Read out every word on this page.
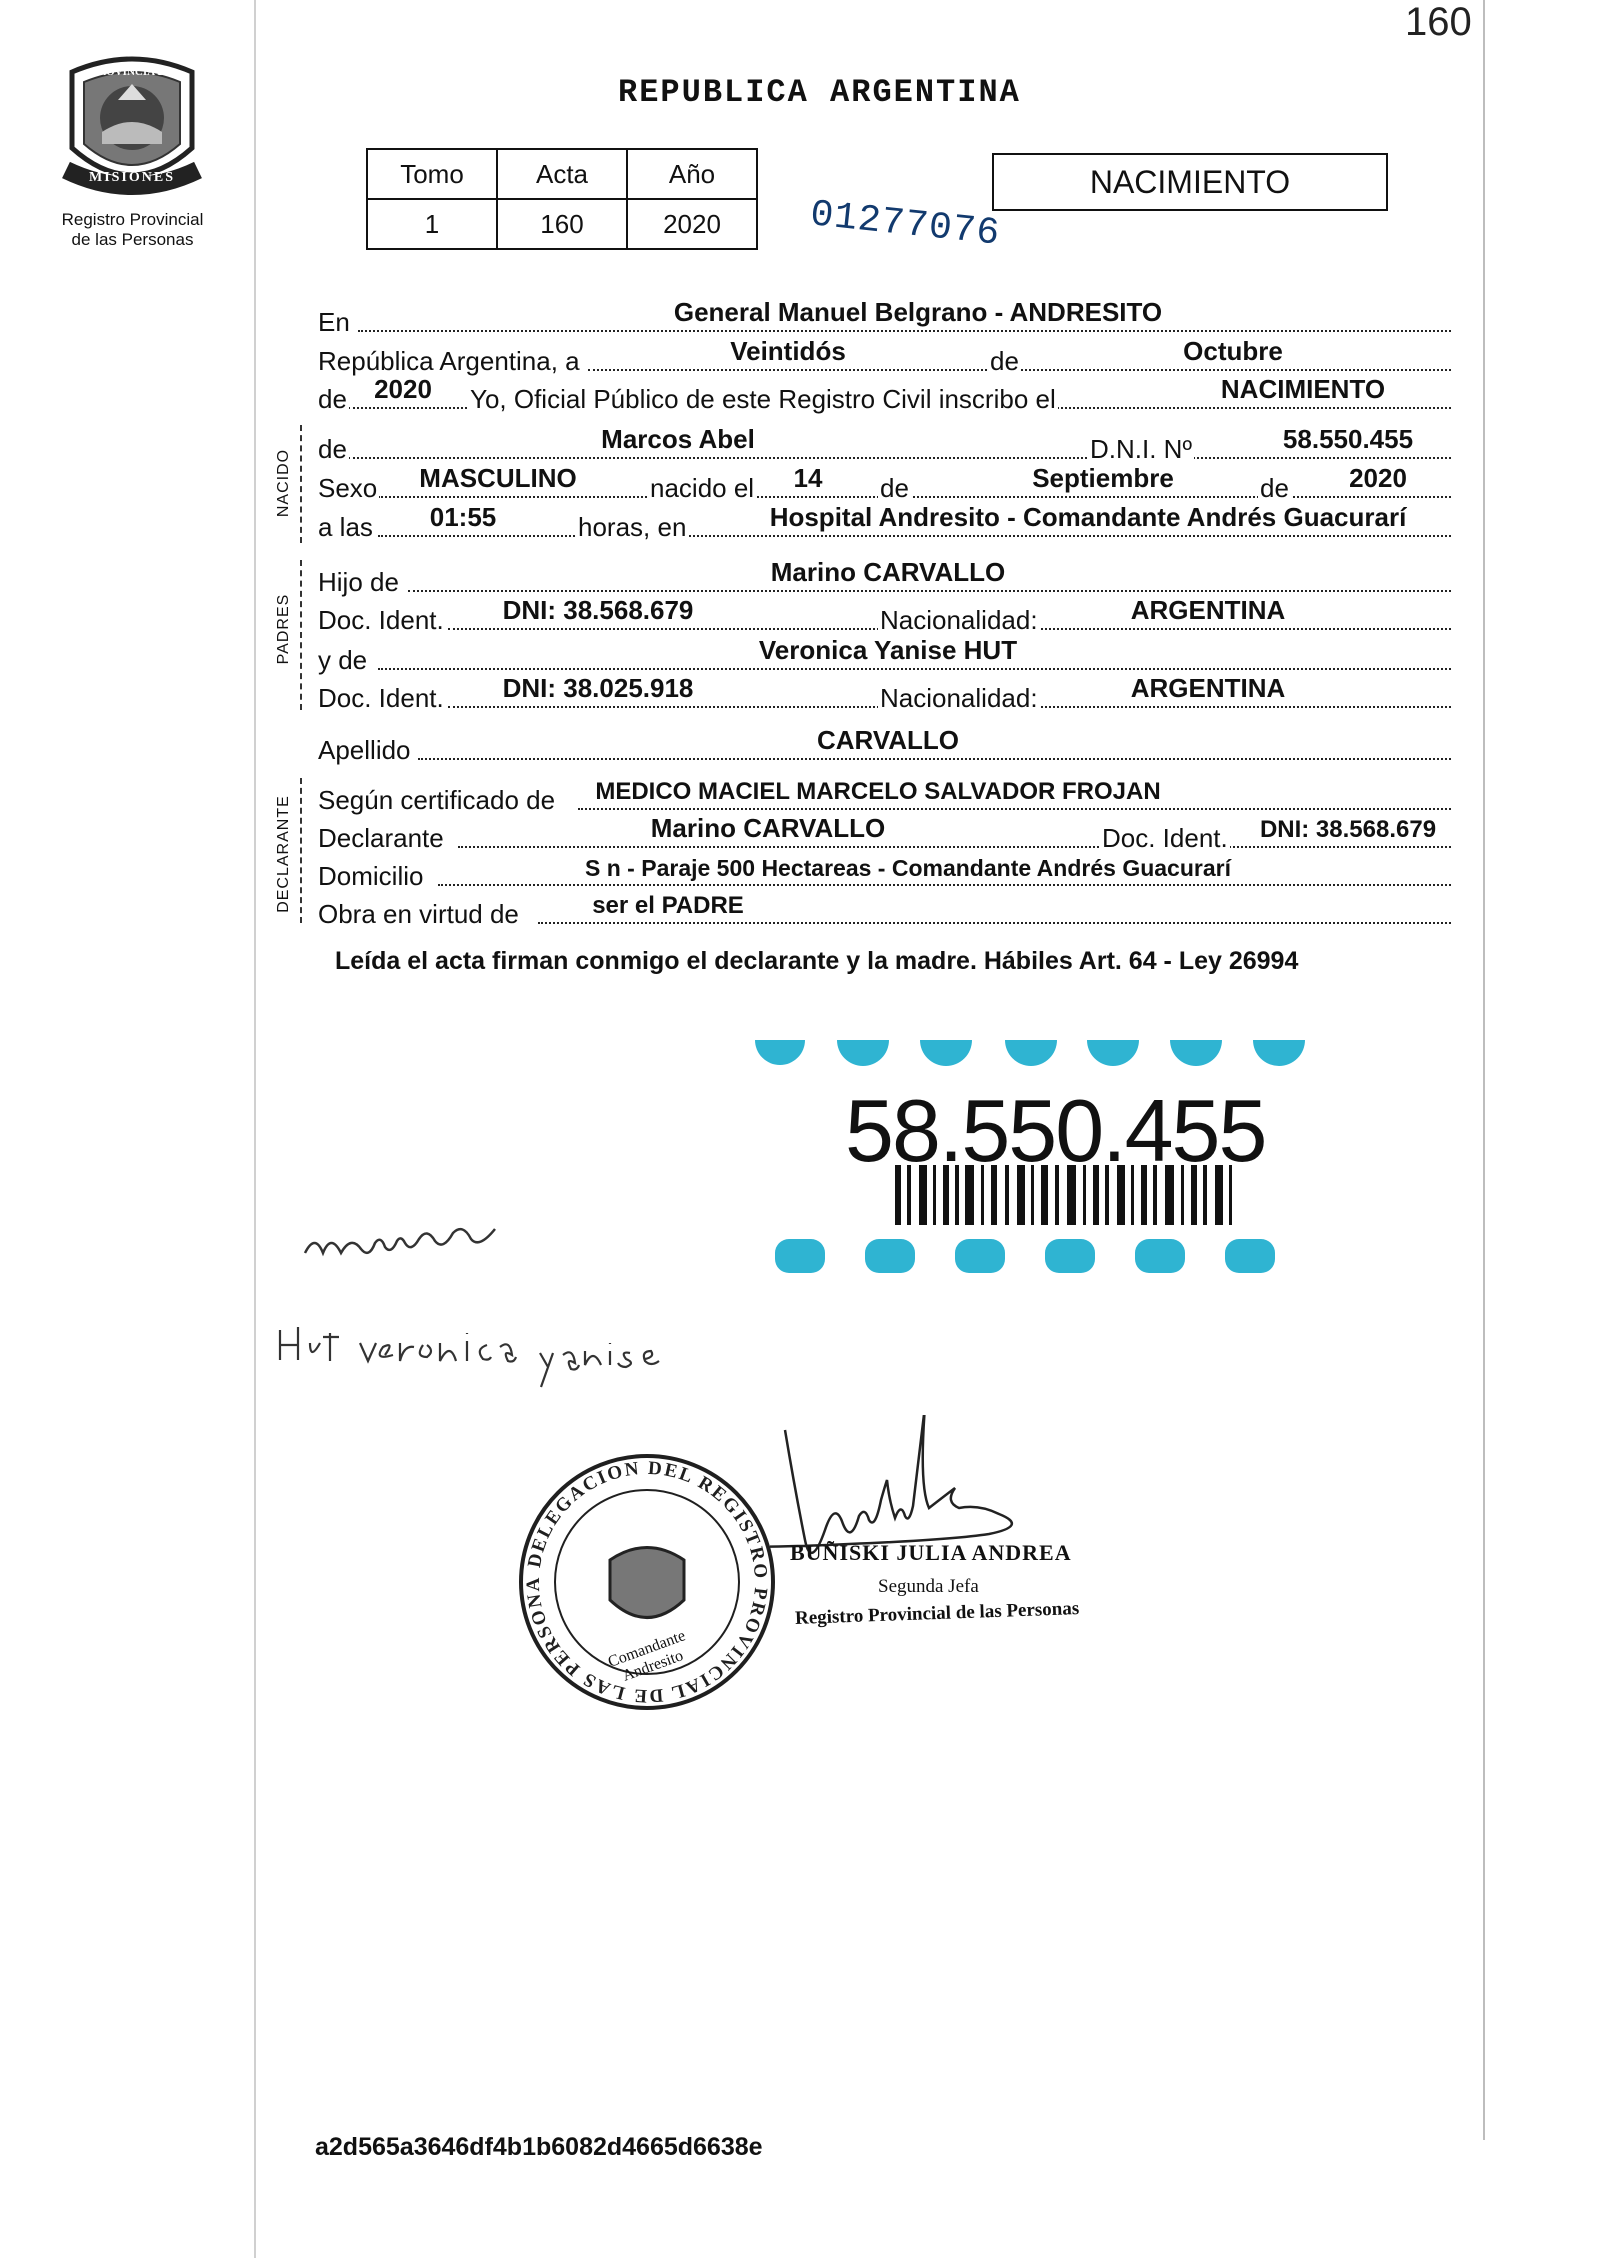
160
PROVINCIA DE
MISIONES
Registro Provincial
de las Personas
REPUBLICA ARGENTINA
Tomo	Acta	Año
1	160	2020
NACIMIENTO
01277076
NACIDO
PADRES
DECLARANTE
En	General Manuel Belgrano - ANDRESITO
República Argentina, a	Veintidós	de	Octubre
de	2020	Yo, Oficial Público de este Registro Civil inscribo el	NACIMIENTO
de	Marcos Abel	D.N.I. Nº	58.550.455
Sexo	MASCULINO	nacido el	14	de	Septiembre	de	2020
a las	01:55	horas, en	Hospital Andresito - Comandante Andrés Guacurarí
Hijo de	Marino CARVALLO
Doc. Ident.	DNI: 38.568.679	Nacionalidad:	ARGENTINA
y de	Veronica Yanise HUT
Doc. Ident.	DNI: 38.025.918	Nacionalidad:	ARGENTINA
Apellido	CARVALLO
Según certificado de	MEDICO MACIEL MARCELO SALVADOR FROJAN
Declarante	Marino CARVALLO	Doc. Ident.	DNI: 38.568.679
Domicilio	S n - Paraje 500 Hectareas - Comandante Andrés Guacurarí
Obra en virtud de	ser el PADRE
Leída el acta firman conmigo el declarante y la madre. Hábiles Art. 64 - Ley 26994
58.550.455
DELEGACION DEL REGISTRO PROVINCIAL DE LAS PERSONA
Comandante Andresito
BUÑISKI JULIA ANDREA
Segunda Jefa
Registro Provincial de las Personas
a2d565a3646df4b1b6082d4665d6638e
